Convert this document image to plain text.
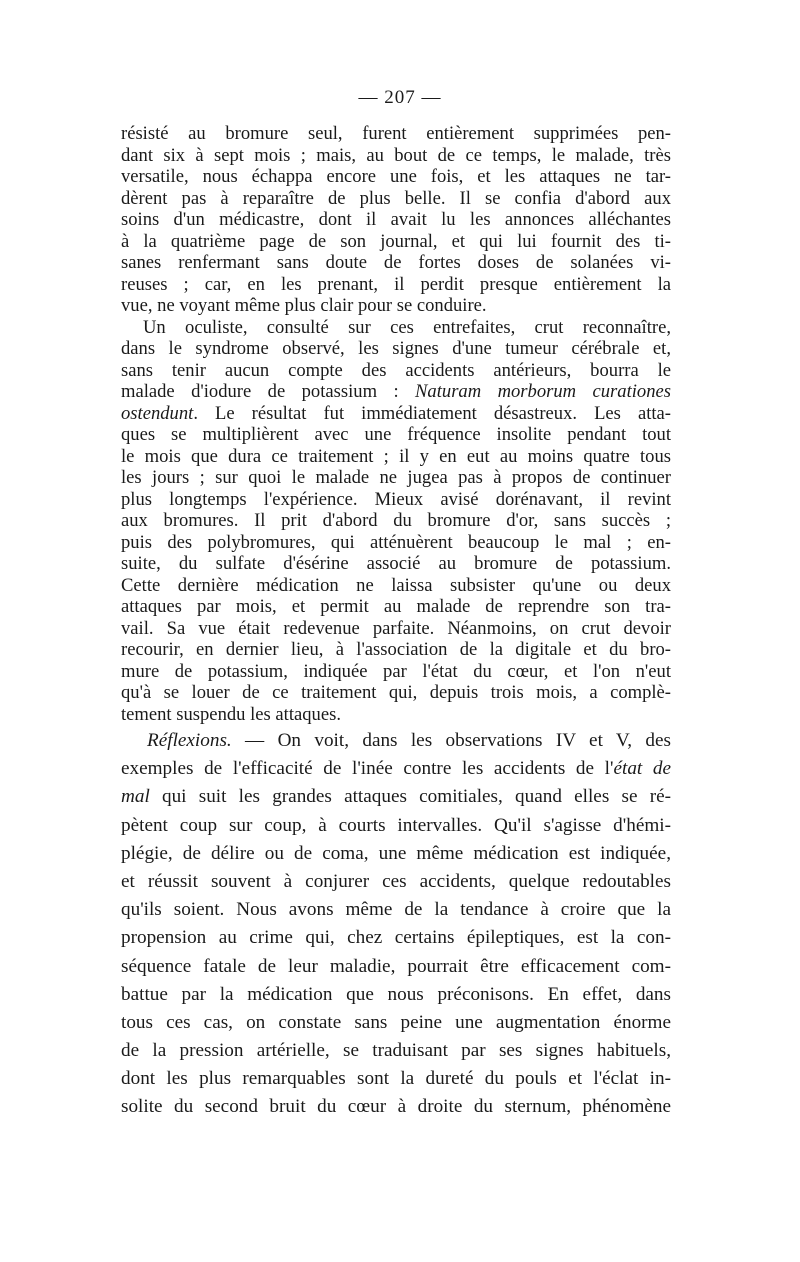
— 207 —
résisté au bromure seul, furent entièrement supprimées pen-
dant six à sept mois ; mais, au bout de ce temps, le malade, très
versatile, nous échappa encore une fois, et les attaques ne tar-
dèrent pas à reparaître de plus belle. Il se confia d'abord aux
soins d'un médicastre, dont il avait lu les annonces alléchantes
à la quatrième page de son journal, et qui lui fournit des ti-
sanes renfermant sans doute de fortes doses de solanées vi-
reuses ; car, en les prenant, il perdit presque entièrement la
vue, ne voyant même plus clair pour se conduire.
Un oculiste, consulté sur ces entrefaites, crut reconnaître,
dans le syndrome observé, les signes d'une tumeur cérébrale et,
sans tenir aucun compte des accidents antérieurs, bourra le
malade d'iodure de potassium : Naturam morborum curationes
ostendunt. Le résultat fut immédiatement désastreux. Les atta-
ques se multiplièrent avec une fréquence insolite pendant tout
le mois que dura ce traitement ; il y en eut au moins quatre tous
les jours ; sur quoi le malade ne jugea pas à propos de continuer
plus longtemps l'expérience. Mieux avisé dorénavant, il revint
aux bromures. Il prit d'abord du bromure d'or, sans succès ;
puis des polybromures, qui atténuèrent beaucoup le mal ; en-
suite, du sulfate d'ésérine associé au bromure de potassium.
Cette dernière médication ne laissa subsister qu'une ou deux
attaques par mois, et permit au malade de reprendre son tra-
vail. Sa vue était redevenue parfaite. Néanmoins, on crut devoir
recourir, en dernier lieu, à l'association de la digitale et du bro-
mure de potassium, indiquée par l'état du cœur, et l'on n'eut
qu'à se louer de ce traitement qui, depuis trois mois, a complè-
tement suspendu les attaques.
Réflexions. — On voit, dans les observations IV et V, des
exemples de l'efficacité de l'inée contre les accidents de l'état de
mal qui suit les grandes attaques comitiales, quand elles se ré-
pètent coup sur coup, à courts intervalles. Qu'il s'agisse d'hémi-
plégie, de délire ou de coma, une même médication est indiquée,
et réussit souvent à conjurer ces accidents, quelque redoutables
qu'ils soient. Nous avons même de la tendance à croire que la
propension au crime qui, chez certains épileptiques, est la con-
séquence fatale de leur maladie, pourrait être efficacement com-
battue par la médication que nous préconisons. En effet, dans
tous ces cas, on constate sans peine une augmentation énorme
de la pression artérielle, se traduisant par ses signes habituels,
dont les plus remarquables sont la dureté du pouls et l'éclat in-
solite du second bruit du cœur à droite du sternum, phénomène
